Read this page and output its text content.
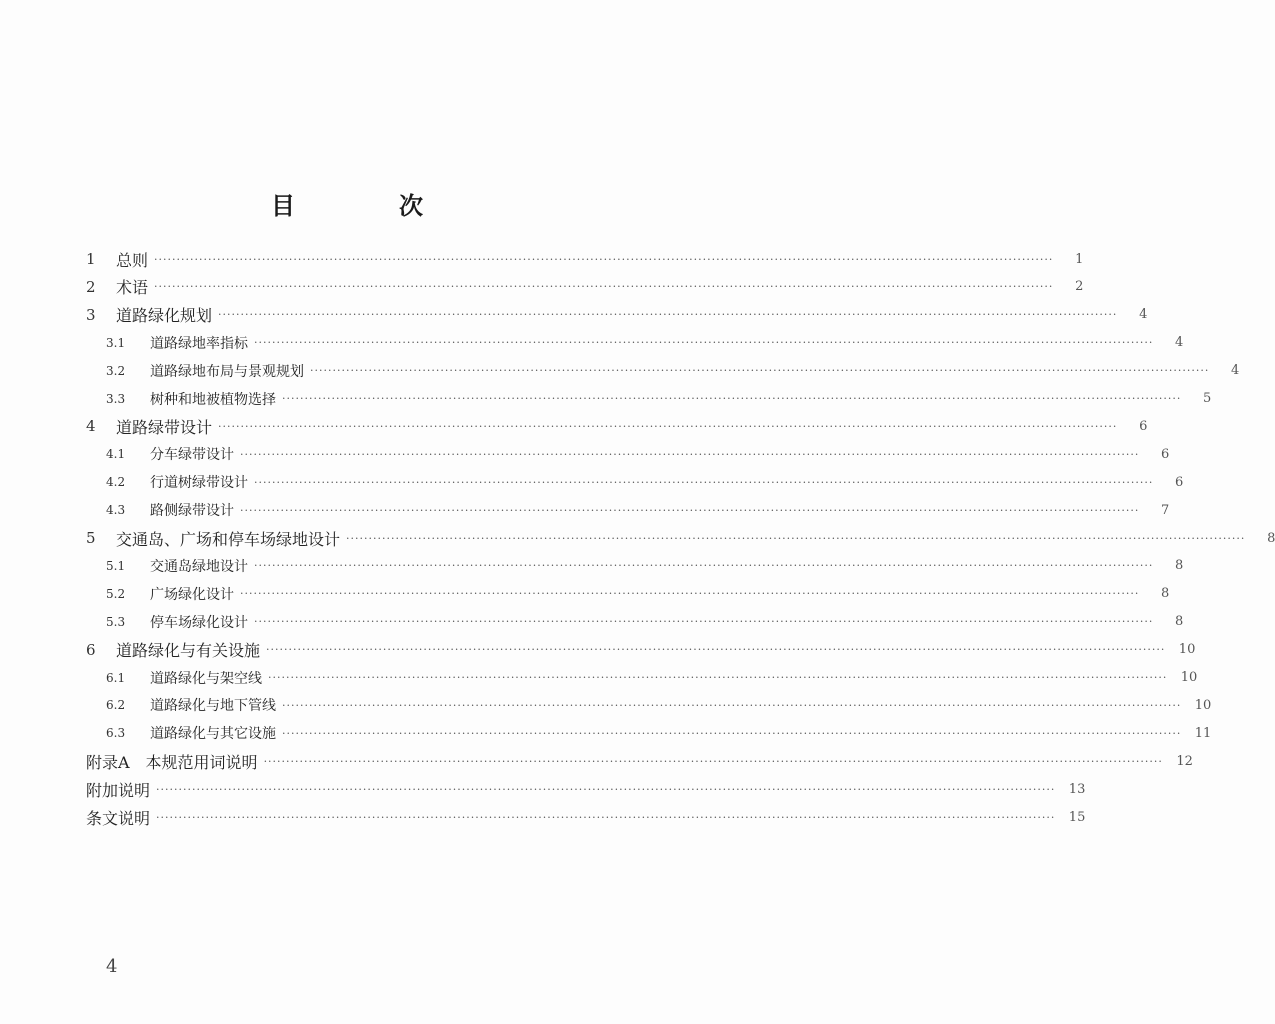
目　次
1	总则 ········································································································································································································	1
2	术语 ········································································································································································································	2
3	道路绿化规划 ········································································································································································································	4
3.1	道路绿地率指标 ········································································································································································································	4
3.2	道路绿地布局与景观规划 ········································································································································································································	4
3.3	树种和地被植物选择 ········································································································································································································	5
4	道路绿带设计 ········································································································································································································	6
4.1	分车绿带设计 ········································································································································································································	6
4.2	行道树绿带设计 ········································································································································································································	6
4.3	路侧绿带设计 ········································································································································································································	7
5	交通岛、广场和停车场绿地设计 ········································································································································································································	8
5.1	交通岛绿地设计 ········································································································································································································	8
5.2	广场绿化设计 ········································································································································································································	8
5.3	停车场绿化设计 ········································································································································································································	8
6	道路绿化与有关设施 ········································································································································································································	10
6.1	道路绿化与架空线 ········································································································································································································	10
6.2	道路绿化与地下管线 ········································································································································································································	10
6.3	道路绿化与其它设施 ········································································································································································································	11
附录A　本规范用词说明 ········································································································································································································	12
附加说明 ········································································································································································································	13
条文说明 ········································································································································································································	15
4
